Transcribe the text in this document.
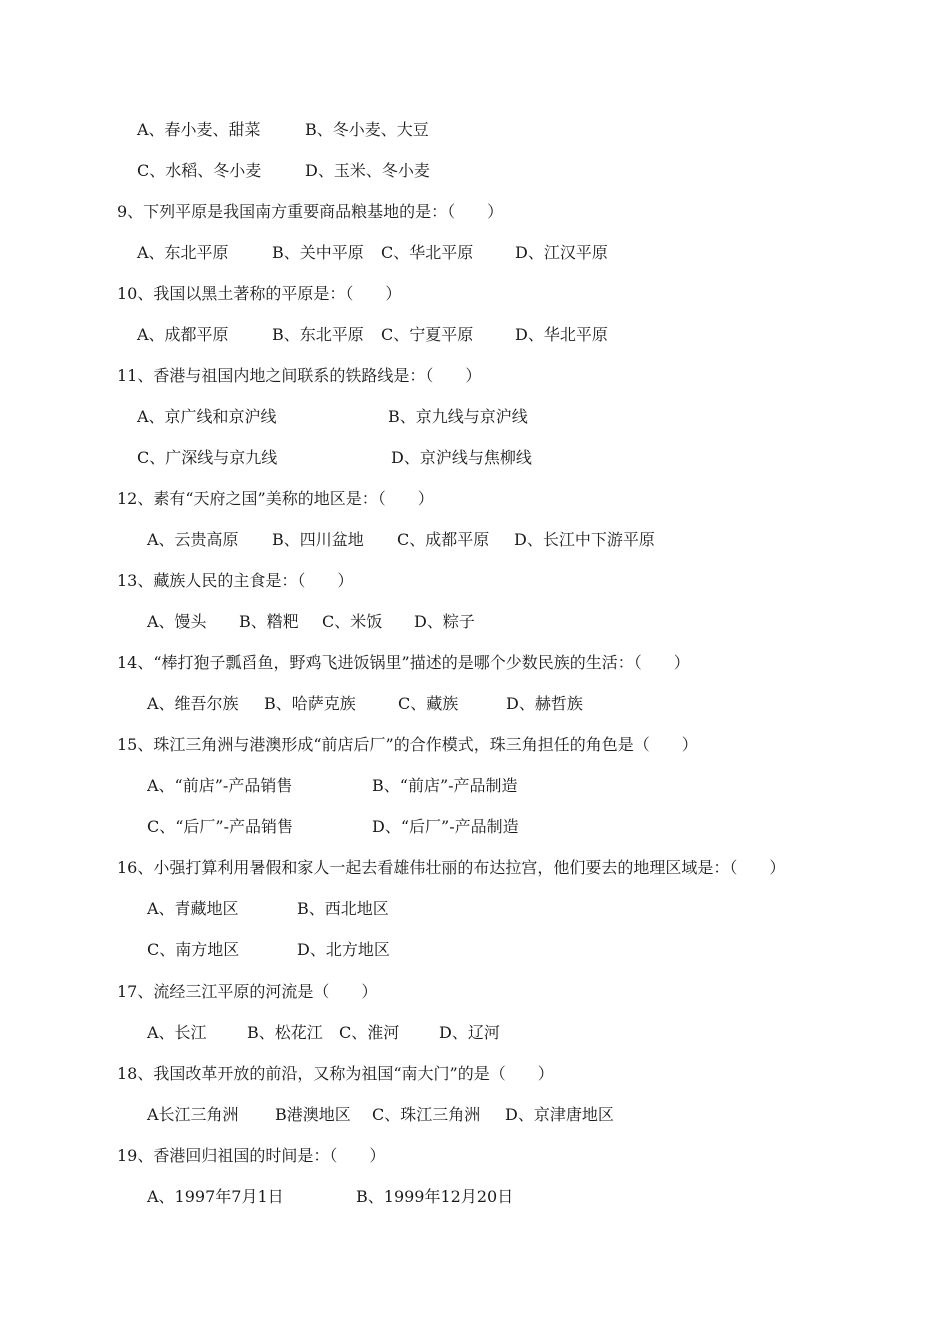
A、春小麦、甜菜	B、冬小麦、大豆
C、水稻、冬小麦	D、玉米、冬小麦
9、下列平原是我国南方重要商品粮基地的是：（　　）
A、东北平原	B、关中平原 C、华北平原	D、江汉平原
10、我国以黑土著称的平原是：（　　）
A、成都平原	B、东北平原 C、宁夏平原	D、华北平原
11、香港与祖国内地之间联系的铁路线是：（　　）
A、京广线和京沪线	B、京九线与京沪线
C、广深线与京九线	D、京沪线与焦柳线
12、素有“天府之国”美称的地区是：（　　）
A、云贵高原 B、四川盆地 C、成都平原 D、长江中下游平原
13、藏族人民的主食是：（　　）
A、馒头 B、糌粑 C、米饭 D、粽子
14、“棒打狍子瓢舀鱼，野鸡飞进饭锅里”描述的是哪个少数民族的生活：（　　）
A、维吾尔族 B、哈萨克族	C、藏族	D、赫哲族
15、珠江三角洲与港澳形成“前店后厂”的合作模式，珠三角担任的角色是（　　）
A、“前店”-产品销售	B、“前店”-产品制造
C、“后厂”-产品销售	D、“后厂”-产品制造
16、小强打算利用暑假和家人一起去看雄伟壮丽的布达拉宫，他们要去的地理区域是：（　　）
A、青藏地区	B、西北地区
C、南方地区	D、北方地区
17、流经三江平原的河流是（　　）
A、长江	B、松花江 C、淮河 D、辽河
18、我国改革开放的前沿，又称为祖国“南大门”的是（　　）
A长江三角洲 B港澳地区 C、珠江三角洲 D、京津唐地区
19、香港回归祖国的时间是：（　　）
A、1997年7月1日	B、1999年12月20日
